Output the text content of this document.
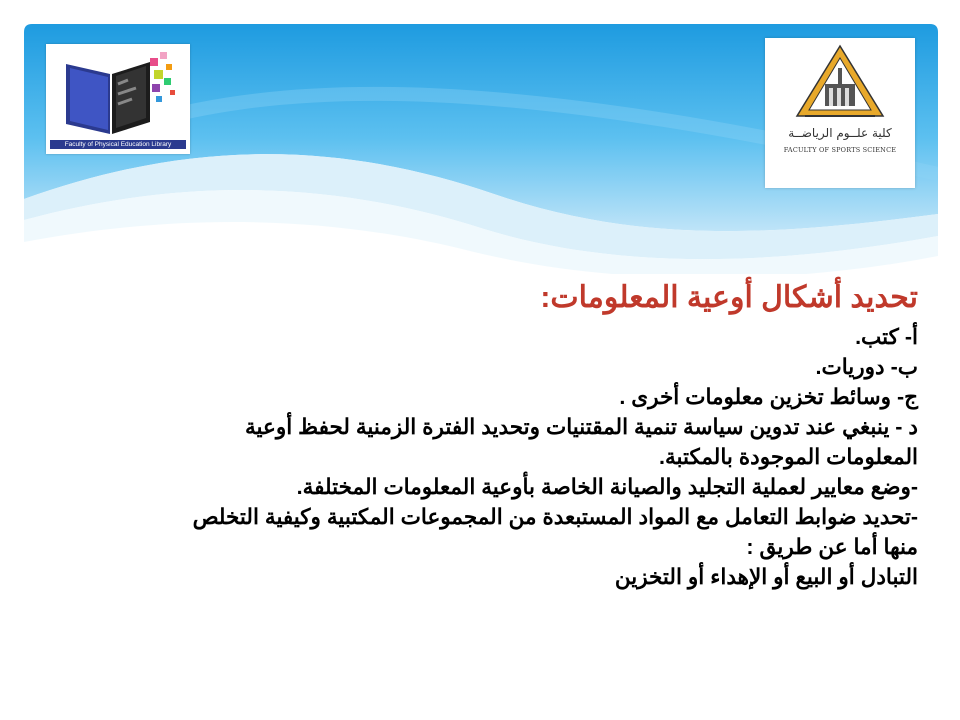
Faculty of Physical Education Library
كلية علــوم الرياضــة
FACULTY OF SPORTS SCIENCE

تحديد أشكال أوعية المعلومات:

أ- كتب.

ب- دوريات.

ج- وسائط تخزين معلومات أخرى .

د - ينبغي عند تدوين سياسة تنمية المقتنيات وتحديد الفترة الزمنية لحفظ أوعية

المعلومات الموجودة بالمكتبة.

-وضع معايير لعملية التجليد والصيانة الخاصة بأوعية المعلومات المختلفة.

-تحديد ضوابط التعامل مع المواد المستبعدة من المجموعات المكتبية وكيفية التخلص

منها أما عن طريق :

التبادل أو البيع أو الإهداء أو التخزين
